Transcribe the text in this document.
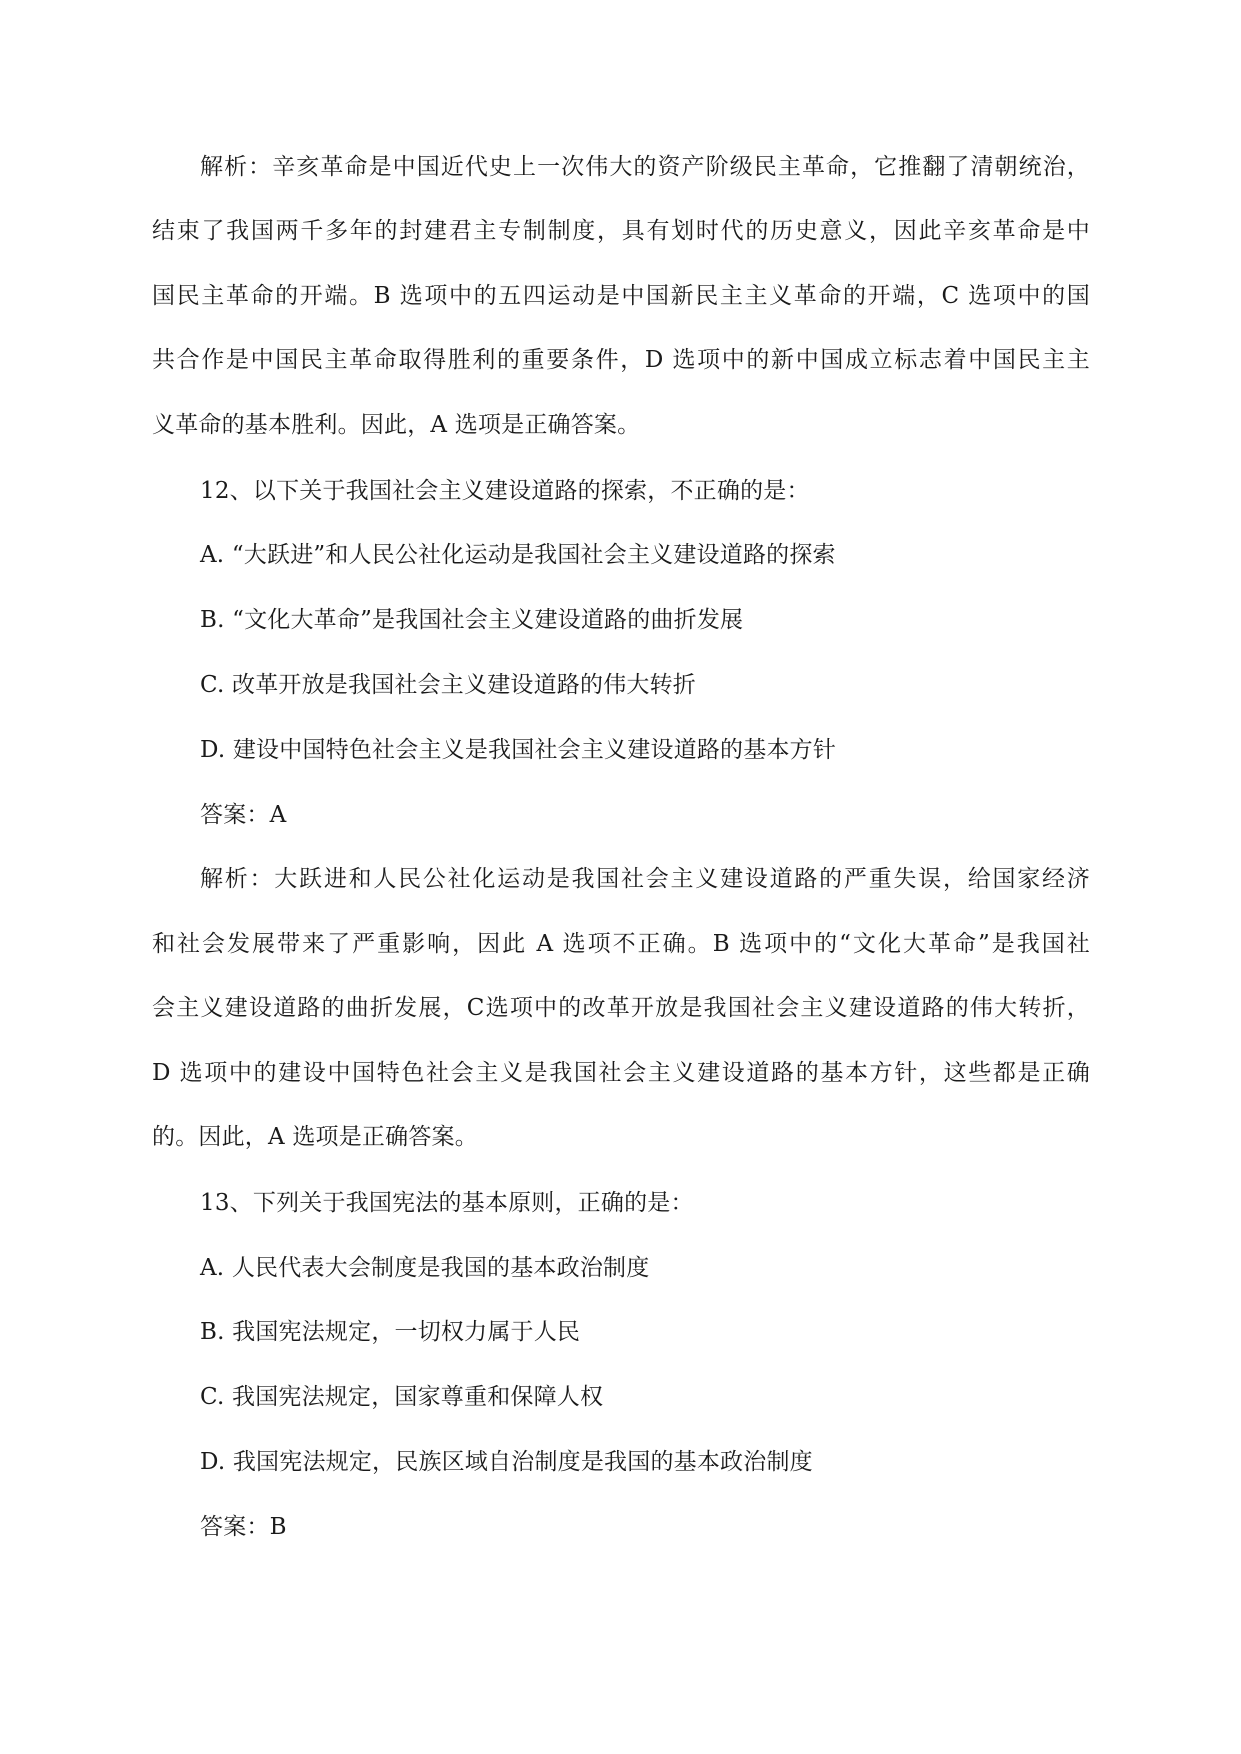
解析：辛亥革命是中国近代史上一次伟大的资产阶级民主革命，它推翻了清朝统治，
结束了我国两千多年的封建君主专制制度，具有划时代的历史意义，因此辛亥革命是中
国民主革命的开端。B 选项中的五四运动是中国新民主主义革命的开端，C 选项中的国
共合作是中国民主革命取得胜利的重要条件，D 选项中的新中国成立标志着中国民主主
义革命的基本胜利。因此，A 选项是正确答案。
12、以下关于我国社会主义建设道路的探索，不正确的是：
A. “大跃进”和人民公社化运动是我国社会主义建设道路的探索
B. “文化大革命”是我国社会主义建设道路的曲折发展
C. 改革开放是我国社会主义建设道路的伟大转折
D. 建设中国特色社会主义是我国社会主义建设道路的基本方针
答案：A
解析：大跃进和人民公社化运动是我国社会主义建设道路的严重失误，给国家经济
和社会发展带来了严重影响，因此 A 选项不正确。B 选项中的“文化大革命”是我国社
会主义建设道路的曲折发展，C选项中的改革开放是我国社会主义建设道路的伟大转折，
D 选项中的建设中国特色社会主义是我国社会主义建设道路的基本方针，这些都是正确
的。因此，A 选项是正确答案。
13、下列关于我国宪法的基本原则，正确的是：
A. 人民代表大会制度是我国的基本政治制度
B. 我国宪法规定，一切权力属于人民
C. 我国宪法规定，国家尊重和保障人权
D. 我国宪法规定，民族区域自治制度是我国的基本政治制度
答案：B
